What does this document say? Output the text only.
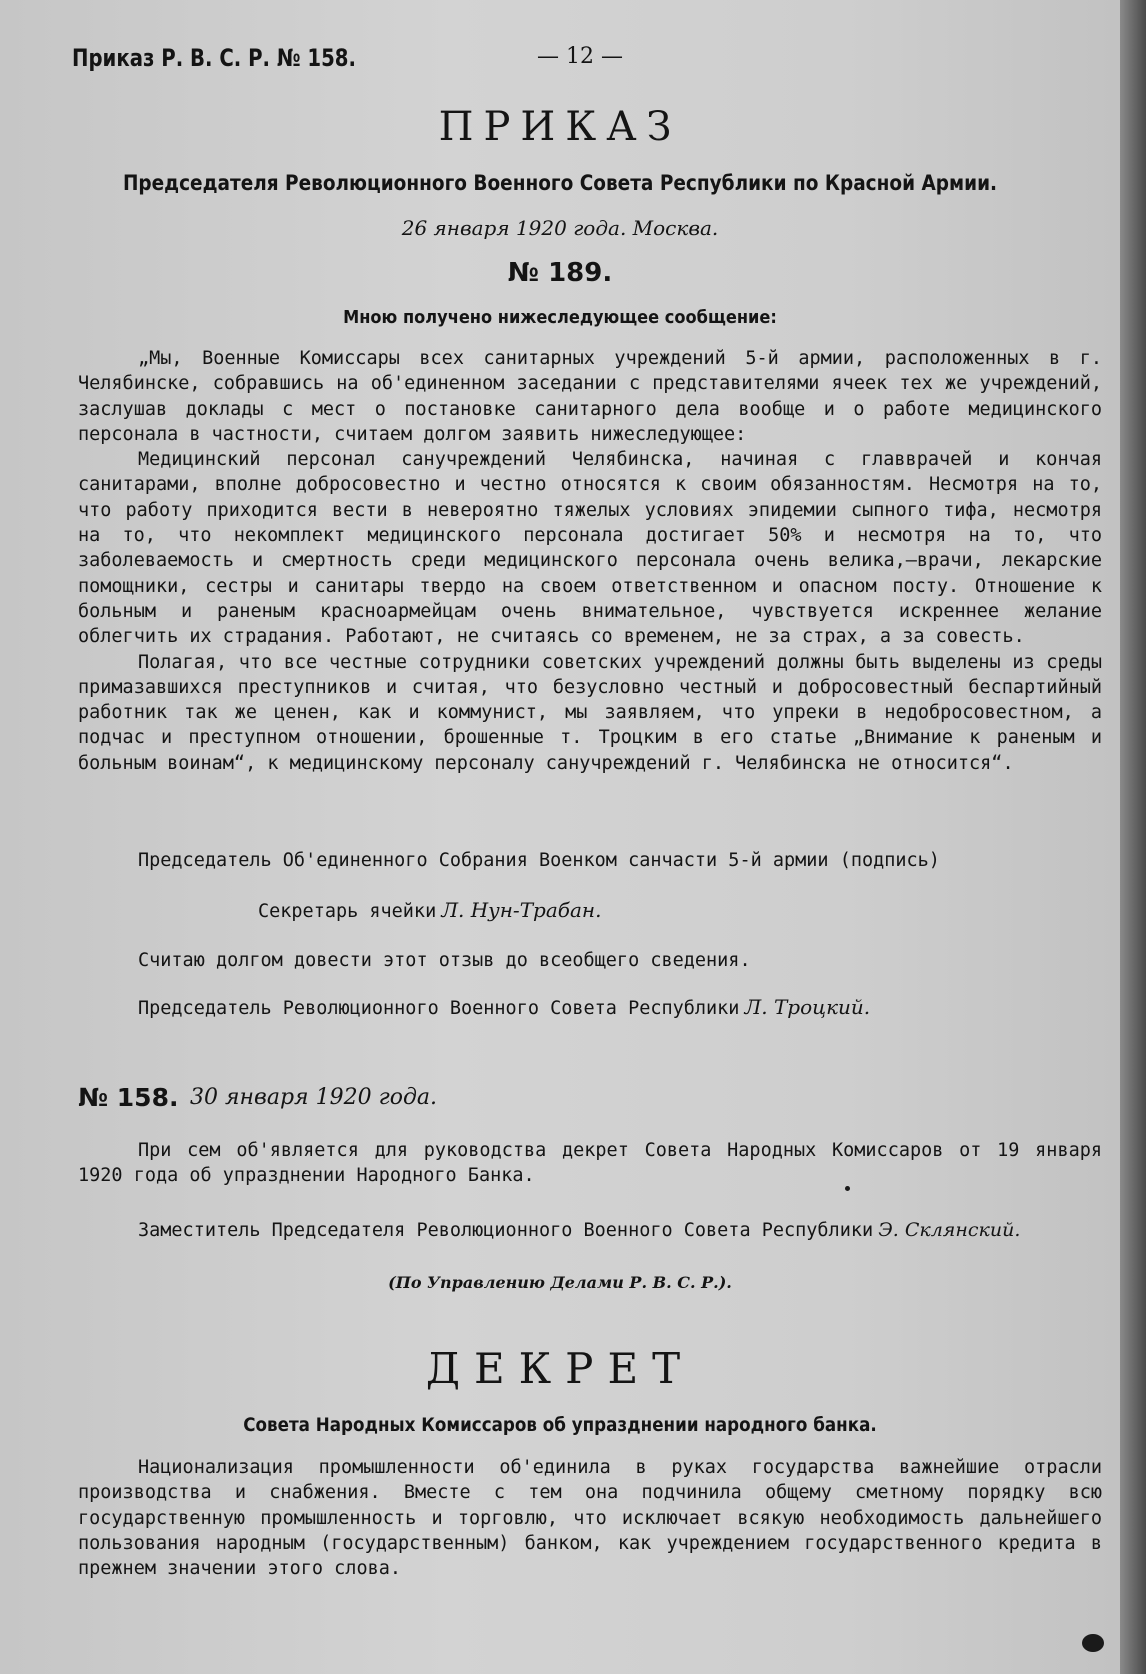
Приказ Р. В. С. Р. № 158.	— 12 —
ПРИКАЗ
Председателя Революционного Военного Совета Республики по Красной Армии.
26 января 1920 года. Москва.
№ 189.
Мною получено нижеследующее сообщение:

„Мы, Военные Комиссары всех санитарных учреждений 5-й армии, расположенных в г. Челябинске, собравшись на об'единенном заседании с представителями ячеек тех же учреждений, заслушав доклады с мест о постановке санитарного дела вообще и о работе медицинского персонала в частности, считаем долгом заявить нижеследующее:

Медицинский персонал санучреждений Челябинска, начиная с главврачей и кончая санитарами, вполне добросовестно и честно относятся к своим обязанностям. Несмотря на то, что работу приходится вести в невероятно тяжелых условиях эпидемии сыпного тифа, несмотря на то, что некомплект медицинского персонала достигает 50% и несмотря на то, что заболеваемость и смертность среди медицинского персонала очень велика,—врачи, лекарские помощники, сестры и санитары твердо на своем ответственном и опасном посту. Отношение к больным и раненым красноармейцам очень внимательное, чувствуется искреннее желание облегчить их страдания. Работают, не считаясь со временем, не за страх, а за совесть.

Полагая, что все честные сотрудники советских учреждений должны быть выделены из среды примазавшихся преступников и считая, что безусловно честный и добросовестный беспартийный работник так же ценен, как и коммунист, мы заявляем, что упреки в недобросовестном, а подчас и преступном отношении, брошенные т. Троцким в его статье „Внимание к раненым и больным воинам“, к медицинскому персоналу санучреждений г. Челябинска не относится“.

Председатель Об'единенного Собрания Военком санчасти 5-й армии (подпись)
Секретарь ячейки Л. Нун-Трабан.
Считаю долгом довести этот отзыв до всеобщего сведения.
Председатель Революционного Военного Совета Республики Л. Троцкий.
№ 158. 30 января 1920 года.

При сем об'является для руководства декрет Совета Народных Комиссаров от 19 января 1920 года об упразднении Народного Банка.

Заместитель Председателя Революционного Военного Совета Республики Э. Склянский.
(По Управлению Делами Р. В. С. Р.).
ДЕКРЕТ
Совета Народных Комиссаров об упразднении народного банка.

Национализация промышленности об'единила в руках государства важнейшие отрасли производства и снабжения. Вместе с тем она подчинила общему сметному порядку всю государственную промышленность и торговлю, что исключает всякую необходимость дальнейшего пользования народным (государственным) банком, как учреждением государственного кредита в прежнем значении этого слова.
